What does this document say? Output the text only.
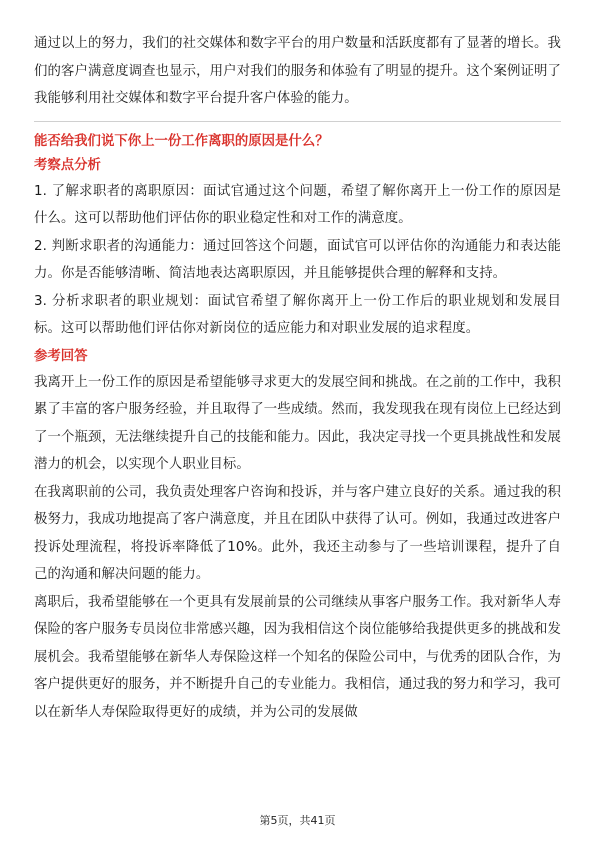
通过以上的努力，我们的社交媒体和数字平台的用户数量和活跃度都有了显著的增长。我们的客户满意度调查也显示，用户对我们的服务和体验有了明显的提升。这个案例证明了我能够利用社交媒体和数字平台提升客户体验的能力。

能否给我们说下你上一份工作离职的原因是什么？

考察点分析

1. 了解求职者的离职原因：面试官通过这个问题，希望了解你离开上一份工作的原因是什么。这可以帮助他们评估你的职业稳定性和对工作的满意度。

2. 判断求职者的沟通能力：通过回答这个问题，面试官可以评估你的沟通能力和表达能力。你是否能够清晰、简洁地表达离职原因，并且能够提供合理的解释和支持。

3. 分析求职者的职业规划：面试官希望了解你离开上一份工作后的职业规划和发展目标。这可以帮助他们评估你对新岗位的适应能力和对职业发展的追求程度。

参考回答

我离开上一份工作的原因是希望能够寻求更大的发展空间和挑战。在之前的工作中，我积累了丰富的客户服务经验，并且取得了一些成绩。然而，我发现我在现有岗位上已经达到了一个瓶颈，无法继续提升自己的技能和能力。因此，我决定寻找一个更具挑战性和发展潜力的机会，以实现个人职业目标。

在我离职前的公司，我负责处理客户咨询和投诉，并与客户建立良好的关系。通过我的积极努力，我成功地提高了客户满意度，并且在团队中获得了认可。例如，我通过改进客户投诉处理流程，将投诉率降低了10%。此外，我还主动参与了一些培训课程，提升了自己的沟通和解决问题的能力。

离职后，我希望能够在一个更具有发展前景的公司继续从事客户服务工作。我对新华人寿保险的客户服务专员岗位非常感兴趣，因为我相信这个岗位能够给我提供更多的挑战和发展机会。我希望能够在新华人寿保险这样一个知名的保险公司中，与优秀的团队合作，为客户提供更好的服务，并不断提升自己的专业能力。我相信，通过我的努力和学习，我可以在新华人寿保险取得更好的成绩，并为公司的发展做

第5页，共41页
